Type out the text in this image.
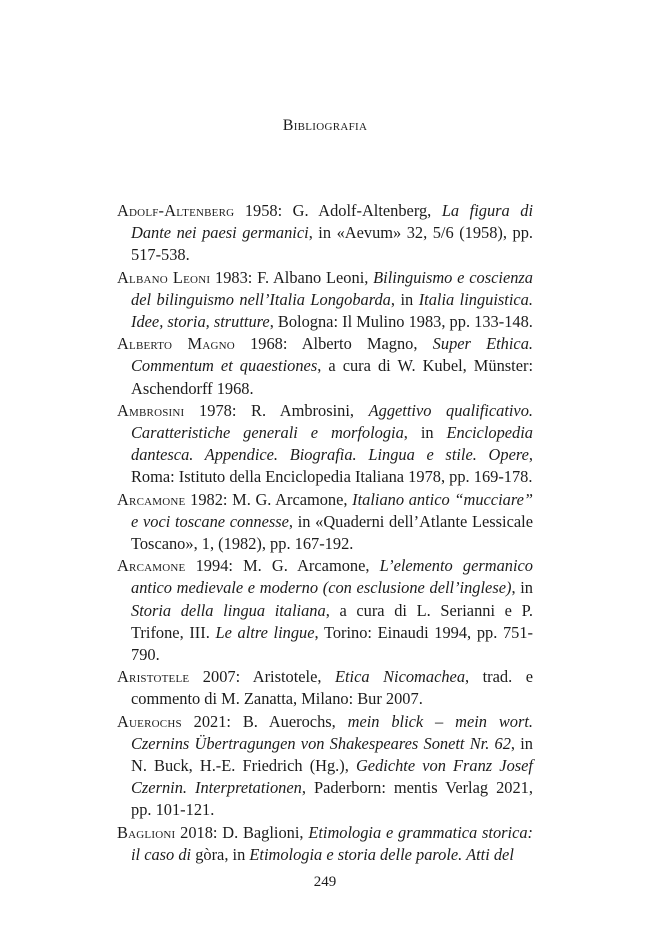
Bibliografia

Adolf-Altenberg 1958: G. Adolf-Altenberg, La figura di Dante nei paesi germanici, in «Aevum» 32, 5/6 (1958), pp. 517-538.

Albano Leoni 1983: F. Albano Leoni, Bilinguismo e coscienza del bilinguismo nell’Italia Longobarda, in Italia linguistica. Idee, storia, strutture, Bologna: Il Mulino 1983, pp. 133-148.

Alberto Magno 1968: Alberto Magno, Super Ethica. Commentum et quaestiones, a cura di W. Kubel, Münster: Aschendorff 1968.

Ambrosini 1978: R. Ambrosini, Aggettivo qualificativo. Caratteristiche generali e morfologia, in Enciclopedia dantesca. Appendice. Biografia. Lingua e stile. Opere, Roma: Istituto della Enciclopedia Italiana 1978, pp. 169-178.

Arcamone 1982: M. G. Arcamone, Italiano antico “mucciare” e voci toscane connesse, in «Quaderni dell’Atlante Lessicale Toscano», 1, (1982), pp. 167-192.

Arcamone 1994: M. G. Arcamone, L’elemento germanico antico medievale e moderno (con esclusione dell’inglese), in Storia della lingua italiana, a cura di L. Serianni e P. Trifone, III. Le altre lingue, Torino: Einaudi 1994, pp. 751-790.

Aristotele 2007: Aristotele, Etica Nicomachea, trad. e commento di M. Zanatta, Milano: Bur 2007.

Auerochs 2021: B. Auerochs, mein blick – mein wort. Czernins Übertragungen von Shakespeares Sonett Nr. 62, in N. Buck, H.-E. Friedrich (Hg.), Gedichte von Franz Josef Czernin. Interpretationen, Paderborn: mentis Verlag 2021, pp. 101-121.

Baglioni 2018: D. Baglioni, Etimologia e grammatica storica: il caso di gòra, in Etimologia e storia delle parole. Atti del

249
